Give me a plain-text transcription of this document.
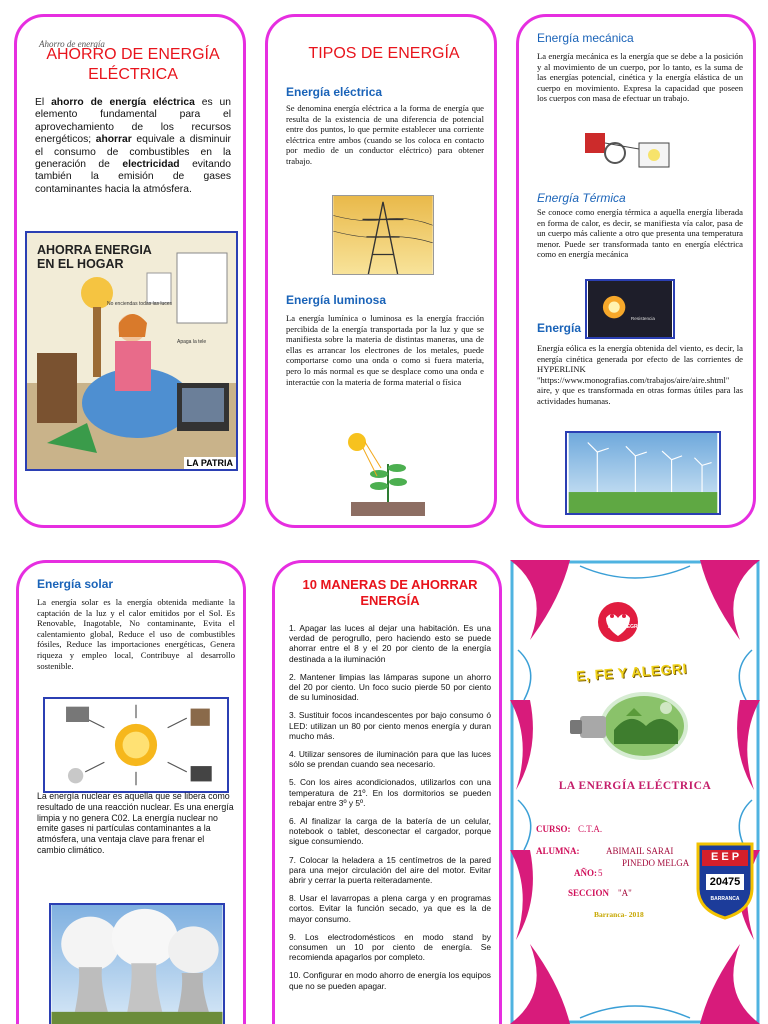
Ahorro de energía
AHORRO DE ENERGÍA ELÉCTRICA

El ahorro de energía eléctrica es un elemento fundamental para el aprovechamiento de los recursos energéticos; ahorrar equivale a disminuir el consumo de combustibles en la generación de electricidad evitando también la emisión de gases contaminantes hacia la atmósfera.

No enciendas todas las luces
Apaga la tele
AHORRA ENERGIA EN EL HOGAR
LA PATRIA
TIPOS DE ENERGÍA
Energía eléctrica

Se denomina energía eléctrica a la forma de energía que resulta de la existencia de una diferencia de potencial entre dos puntos, lo que permite establecer una corriente eléctrica entre ambos (cuando se los coloca en contacto por medio de un conductor eléctrico) para obtener trabajo.

Energía luminosa

La energía lumínica o luminosa es la energía fracción percibida de la energía transportada por la luz y que se manifiesta sobre la materia de distintas maneras, una de ellas es arrancar los electrones de los metales, puede comportarse como una onda o como si fuera materia, pero lo más normal es que se desplace como una onda e interactúe con la materia de forma material o física

Energía mecánica

La energía mecánica es la energía que se debe a la posición y al movimiento de un cuerpo, por lo tanto, es la suma de las energías potencial, cinética y la energía elástica de un cuerpo en movimiento. Expresa la capacidad que poseen los cuerpos con masa de efectuar un trabajo.

Energía Térmica

Se conoce como energía térmica a aquella energía liberada en forma de calor, es decir, se manifiesta vía calor, pasa de un cuerpo más caliente a otro que presenta una temperatura menor. Puede ser transformada tanto en energía eléctrica como en energía mecánica

Resistencia
Energía

Energía eólica es la energía obtenida del viento, es decir, la energía cinética generada por efecto de las corrientes de HYPERLINK "https://www.monografias.com/trabajos/aire/aire.shtml" aire, y que es transformada en otras formas útiles para las actividades humanas.

Energía solar

La energía solar es la energía obtenida mediante la captación de la luz y el calor emitidos por el Sol. Es Renovable, Inagotable, No contaminante, Evita el calentamiento global, Reduce el uso de combustibles fósiles, Reduce las importaciones energéticas, Genera riqueza y empleo local, Contribuye al desarrollo sostenible.

La energía nuclear es aquella que se libera como resultado de una reacción nuclear. Es una energía limpia y no genera C02. La energía nuclear no emite gases ni partículas contaminantes a la atmósfera, una ventaja clave para frenar el cambio climático.

10 MANERAS DE AHORRAR ENERGÍA

1. Apagar las luces al dejar una habitación. Es una verdad de perogrullo, pero haciendo esto se puede ahorrar entre el 8 y el 20 por ciento de la energía destinada a la iluminación

2. Mantener limpias las lámparas supone un ahorro del 20 por ciento. Un foco sucio pierde 50 por ciento de su luminosidad.

3. Sustituir focos incandescentes por bajo consumo ó LED: utilizan un 80 por ciento menos energía y duran mucho más.

4. Utilizar sensores de iluminación para que las luces sólo se prendan cuando sea necesario.

5. Con los aires acondicionados, utilizarlos con una temperatura de 21º. En los dormitorios se pueden rebajar entre 3º y 5º.

6. Al finalizar la carga de la batería de un celular, notebook o tablet, desconectar el cargador, porque sigue consumiendo.

7. Colocar la heladera a 15 centímetros de la pared para una mejor circulación del aire del motor. Evitar abrir y cerrar la puerta reiteradamente.

8. Usar el lavarropas a plena carga y en programas cortos. Evitar la función secado, ya que es la de mayor consumo.

9. Los electrodomésticos en modo stand by consumen un 10 por ciento de energía. Se recomienda apagarlos por completo.

10. Configurar en modo ahorro de energía los equipos que no se pueden apagar.

FE Y ALEGRIA
E, FE Y ALEGRI
LA ENERGÍA ELÉCTRICA
CURSO: C.T.A.
ALUMNA:	ABIMAIL SARAI
PINEDO MELGA
AÑO: 5
SECCION "A"
Barranca- 2018
E E P
20475
BARRANCA
